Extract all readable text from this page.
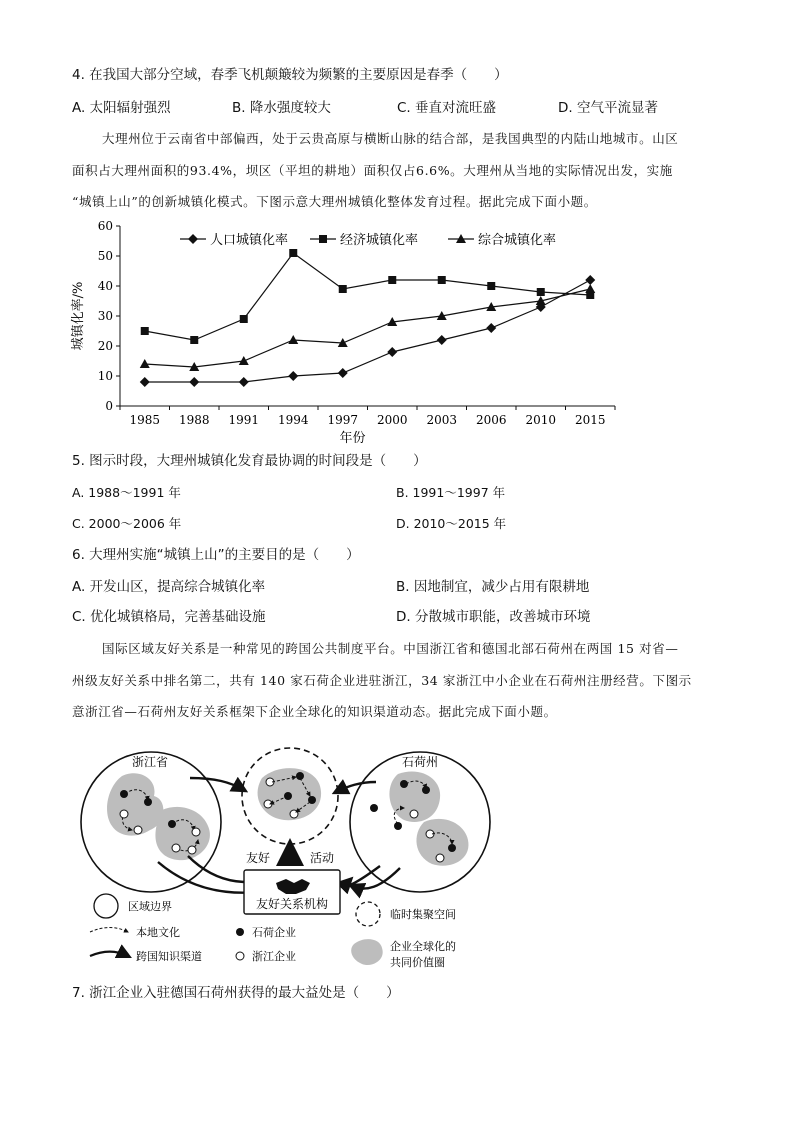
4. 在我国大部分空域，春季飞机颠簸较为频繁的主要原因是春季（　　）
A. 太阳辐射强烈	B. 降水强度较大	C. 垂直对流旺盛	D. 空气平流显著
大理州位于云南省中部偏西，处于云贵高原与横断山脉的结合部，是我国典型的内陆山地城市。山区
面积占大理州面积的93.4%，坝区（平坦的耕地）面积仅占6.6%。大理州从当地的实际情况出发，实施
“城镇上山”的创新城镇化模式。下图示意大理州城镇化整体发育过程。据此完成下面小题。
0
10
20
30
40
50
60
1985 1988 1991 1994 1997 2000 2003 2006 2010 2015
年份
城镇化率/%
人口城镇化率	经济城镇化率	综合城镇化率
5. 图示时段，大理州城镇化发育最协调的时间段是（　　）
A. 1988～1991 年	B. 1991～1997 年
C. 2000～2006 年	D. 2010～2015 年
6. 大理州实施“城镇上山”的主要目的是（　　）
A. 开发山区，提高综合城镇化率	B. 因地制宜，减少占用有限耕地
C. 优化城镇格局，完善基础设施	D. 分散城市职能，改善城市环境
国际区域友好关系是一种常见的跨国公共制度平台。中国浙江省和德国北部石荷州在两国 15 对省—
州级友好关系中排名第二，共有 140 家石荷企业进驻浙江，34 家浙江中小企业在石荷州注册经营。下图示
意浙江省—石荷州友好关系框架下企业全球化的知识渠道动态。据此完成下面小题。
浙江省	石荷州
友好	活动
友好关系机构
区域边界
本地文化
跨国知识渠道
石荷企业
浙江企业
临时集聚空间
企业全球化的
共同价值圈
7. 浙江企业入驻德国石荷州获得的最大益处是（　　）
